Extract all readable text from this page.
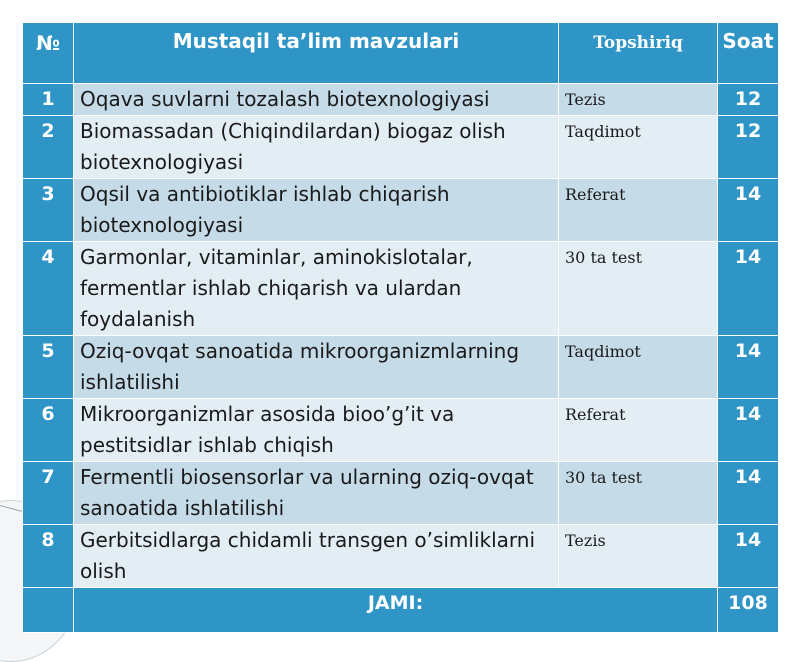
№	Mustaqil ta’lim mavzulari	Topshiriq	Soat
1	Oqava suvlarni tozalash biotexnologiyasi	Tezis	12
2	Biomassadan (Chiqindilardan) biogaz olish biotexnologiyasi	Taqdimot	12
3	Oqsil va antibiotiklar ishlab chiqarish biotexnologiyasi	Referat	14
4	Garmonlar, vitaminlar, aminokislotalar, fermentlar ishlab chiqarish va ulardan foydalanish	30 ta test	14
5	Oziq-ovqat sanoatida mikroorganizmlarning ishlatilishi	Taqdimot	14
6	Mikroorganizmlar asosida bioo’g’it va pestitsidlar ishlab chiqish	Referat	14
7	Fermentli biosensorlar va ularning oziq-ovqat sanoatida ishlatilishi	30 ta test	14
8	Gerbitsidlarga chidamli transgen o’simliklarni olish	Tezis	14
	JAMI:		108
